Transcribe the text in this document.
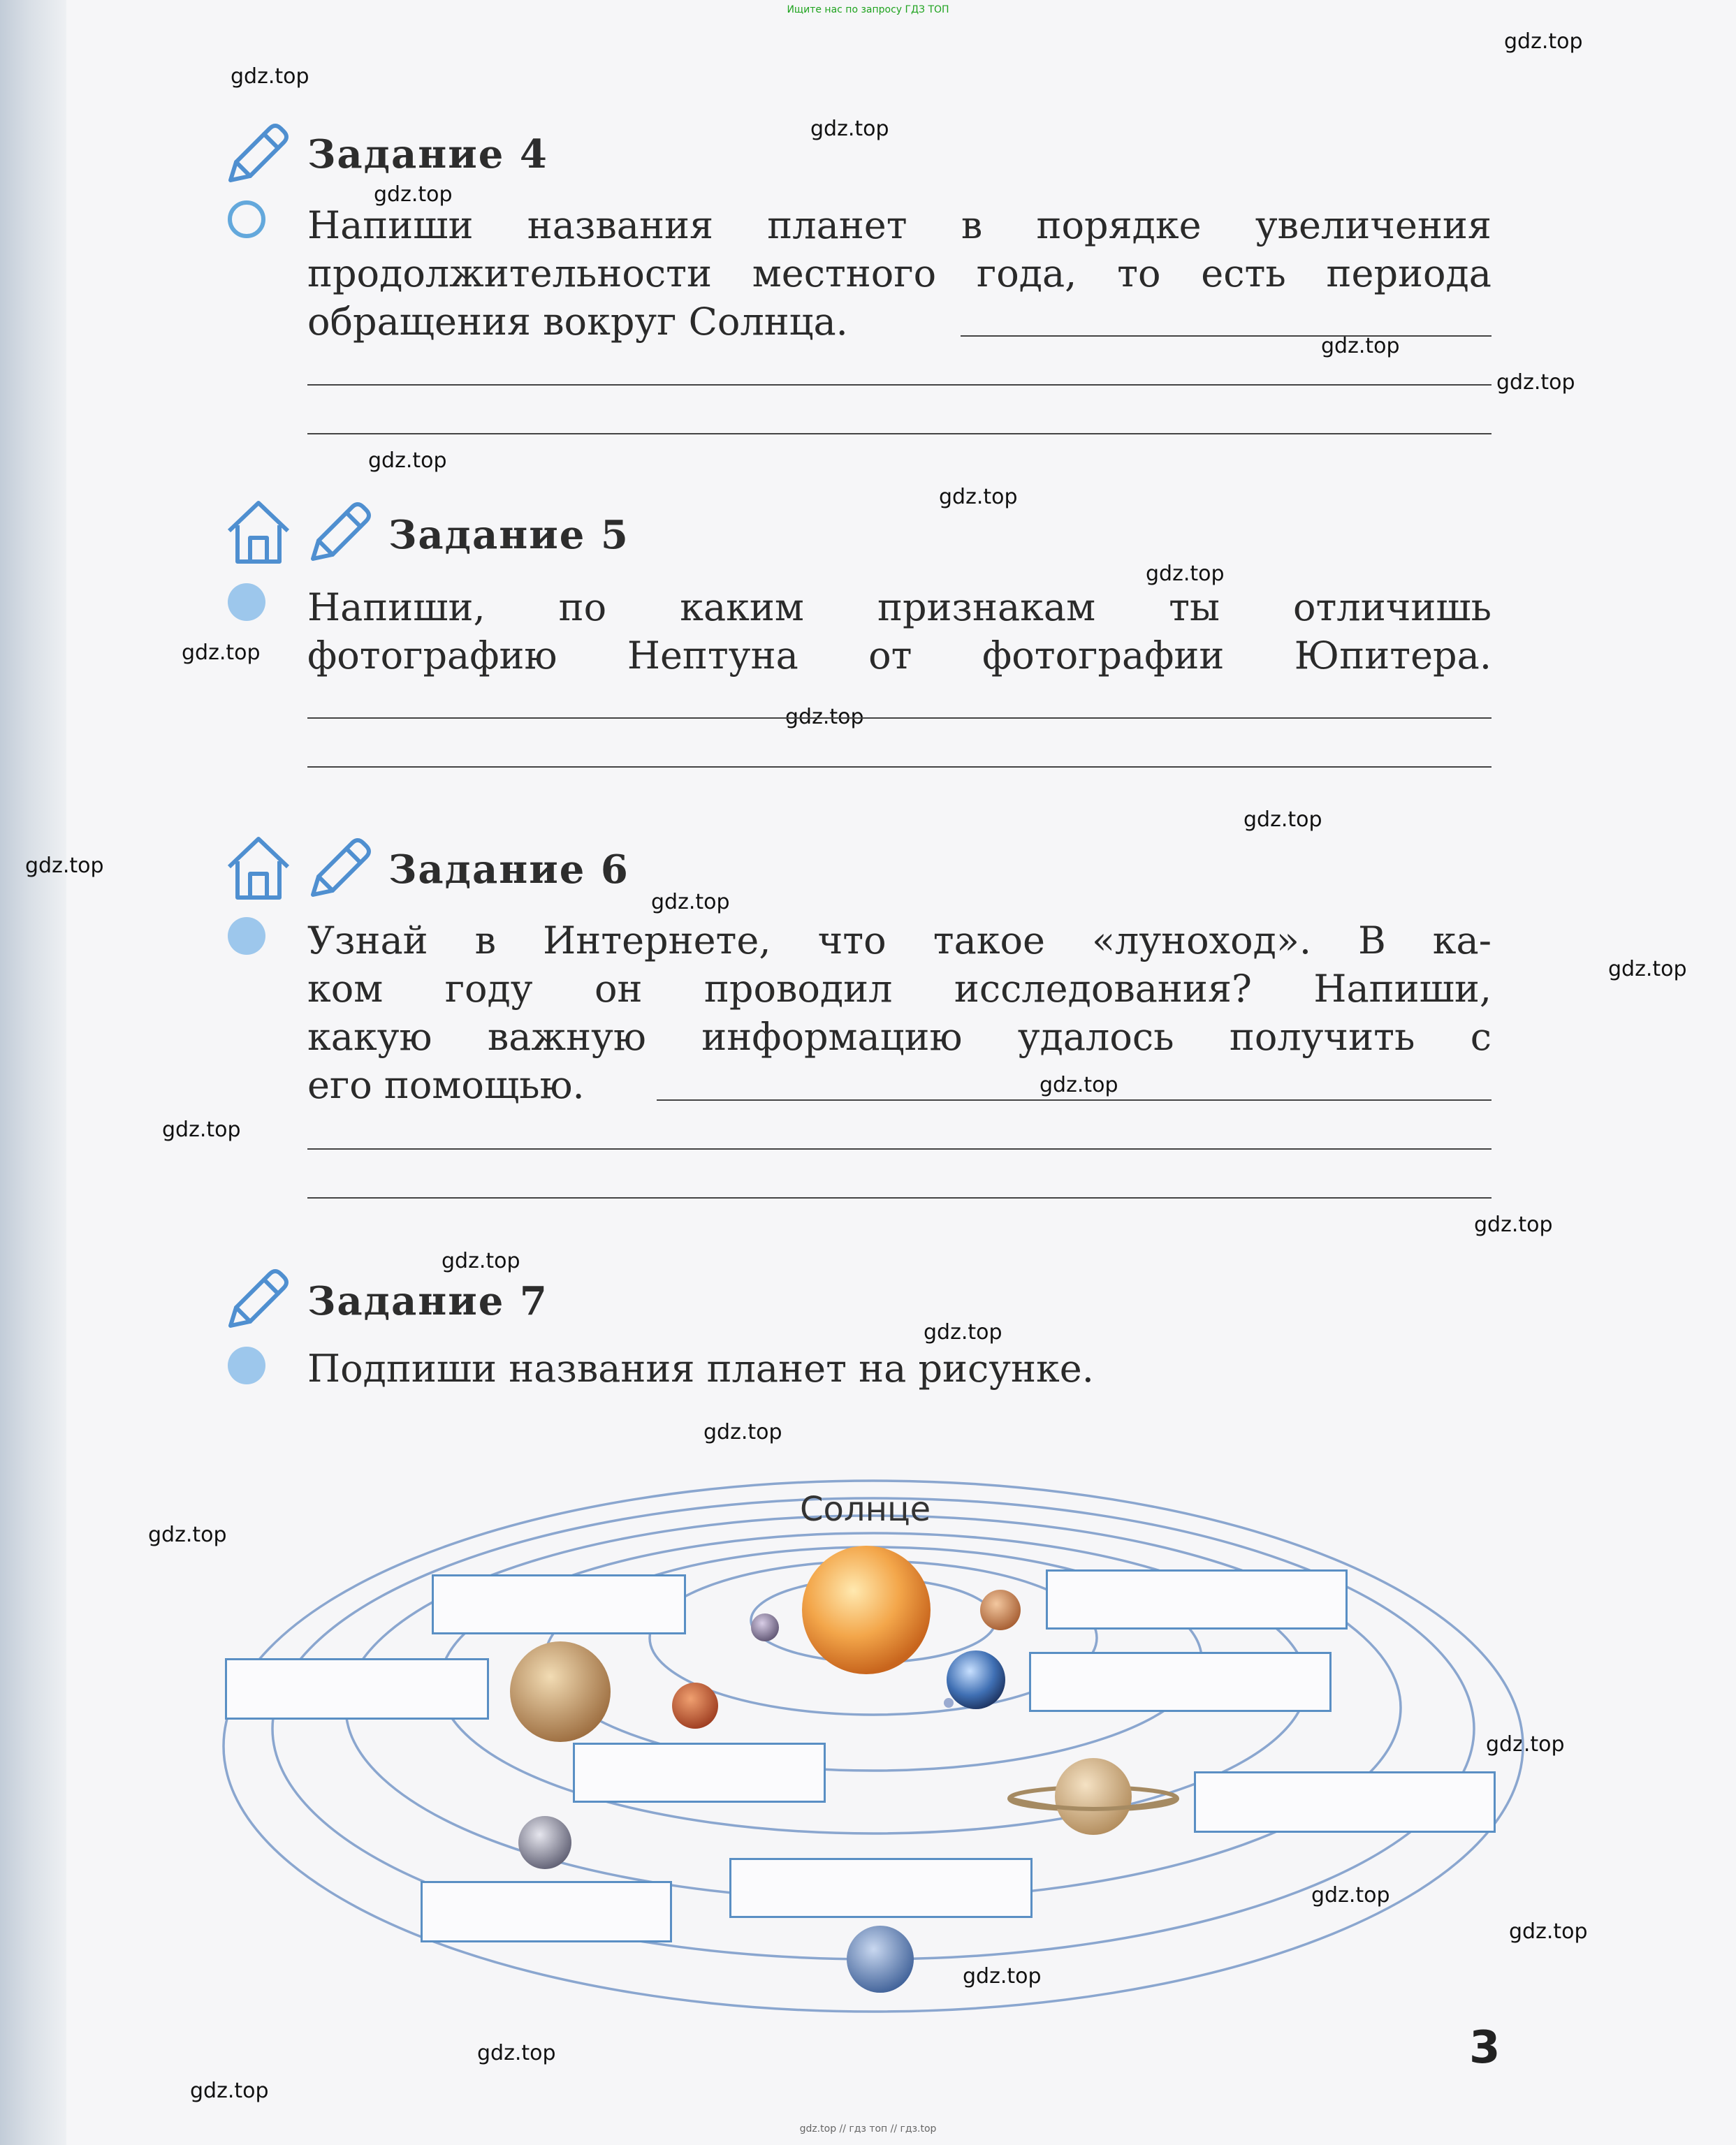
Ищите нас по запросу ГДЗ ТОП
gdz.top
gdz.top
gdz.top
gdz.top
gdz.top
gdz.top
gdz.top
gdz.top
gdz.top
gdz.top
gdz.top
gdz.top
gdz.top
gdz.top
gdz.top
gdz.top
gdz.top
gdz.top
gdz.top
gdz.top
gdz.top
gdz.top
gdz.top
gdz.top
gdz.top
gdz.top
gdz.top
gdz.top
Задание 4
Напиши названия планет в порядке увеличения
продолжительности местного года, то есть периода
обращения вокруг Солнца.
Задание 5
Напиши, по каким признакам ты отличишь
фотографию Нептуна от фотографии Юпитера.
Задание 6
Узнай в Интернете, что такое «луноход». В ка-
ком году он проводил исследования? Напиши,
какую важную информацию удалось получить с
его помощью.
Задание 7
Подпиши названия планет на рисунке.
Солнце
3
gdz.top // гдз топ // гдз.top
